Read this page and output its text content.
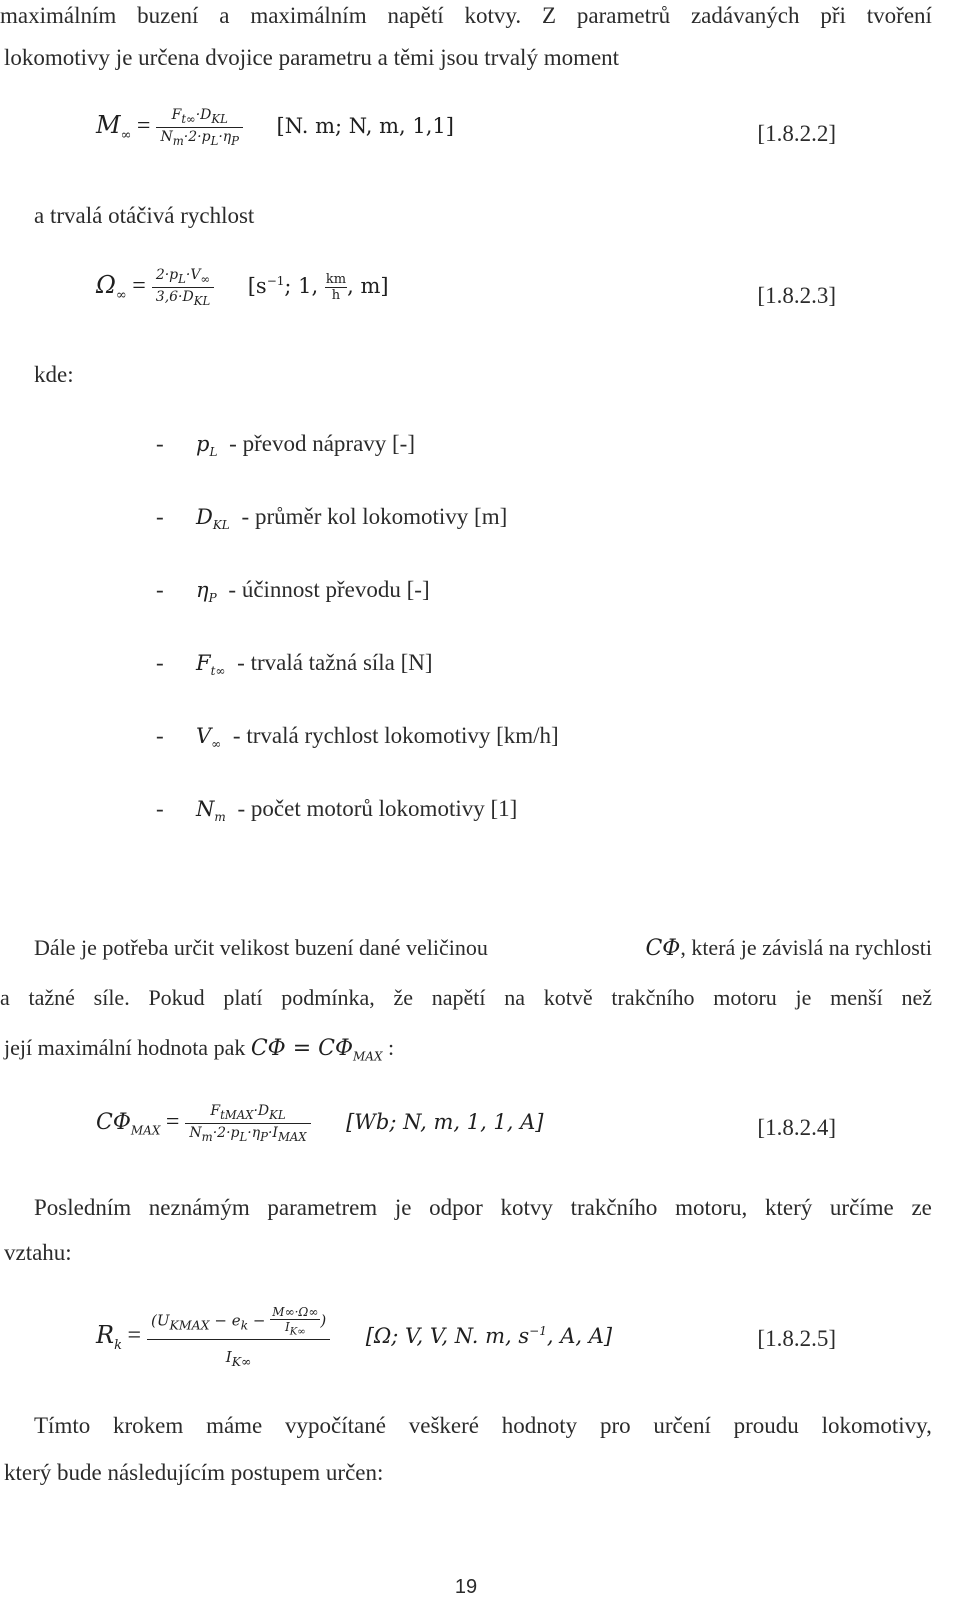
maximálním buzení a maximálním napětí kotvy. Z parametrů zadávaných při tvoření
lokomotivy je určena dvojice parametru a těmi jsou trvalý moment
$M_\infty = \frac{F_{t\infty}\cdot D_{KL}}{N_m\cdot 2\cdot p_L\cdot\eta_P} [N$. m; N, m, 1,1]	[1.8.2.2]
a trvalá otáčivá rychlost
$\Omega_\infty = \frac{2\cdot p_L\cdot V_\infty}{3,6\cdot D_{KL}} [s^{-1}$; 1, $\frac{km}{h}$ , m]	[1.8.2.3]
kde:
- $p_L$ - převod nápravy [-]
- $D_{KL}$ - průměr kol lokomotivy [m]
- $\eta_P$ - účinnost převodu [-]
- $F_{t\infty}$ - trvalá tažná síla [N]
- $V_\infty$ - trvalá rychlost lokomotivy [km/h]
- $N_m$ - počet motorů lokomotivy [1]
Dále je potřeba určit velikost buzení dané veličinou	CΦ, která je závislá na rychlosti
a tažné síle. Pokud platí podmínka, že napětí na kotvě trakčního motoru je menší než
její maximální hodnota pak $C\Phi = C\Phi_{MAX}$ :
$C\Phi_{MAX} = \frac{F_{tMAX}\cdot D_{KL}}{N_m\cdot 2\cdot p_L\cdot\eta_P\cdot I_{MAX}} [Wb$; N, m, 1, 1, A]	[1.8.2.4]
Posledním neznámým parametrem je odpor kotvy trakčního motoru, který určíme ze
vztahu:
$R_k = \frac{(U_{KMAX} - e_k - \frac{M\infty\cdot\Omega\infty}{I_{K\infty}} )}{I_{K\infty}} [\Omega$; V, V, N. m, $s^{-1}$, A, A]	[1.8.2.5]
Tímto krokem máme vypočítané veškeré hodnoty pro určení proudu lokomotivy,
který bude následujícím postupem určen:
19
